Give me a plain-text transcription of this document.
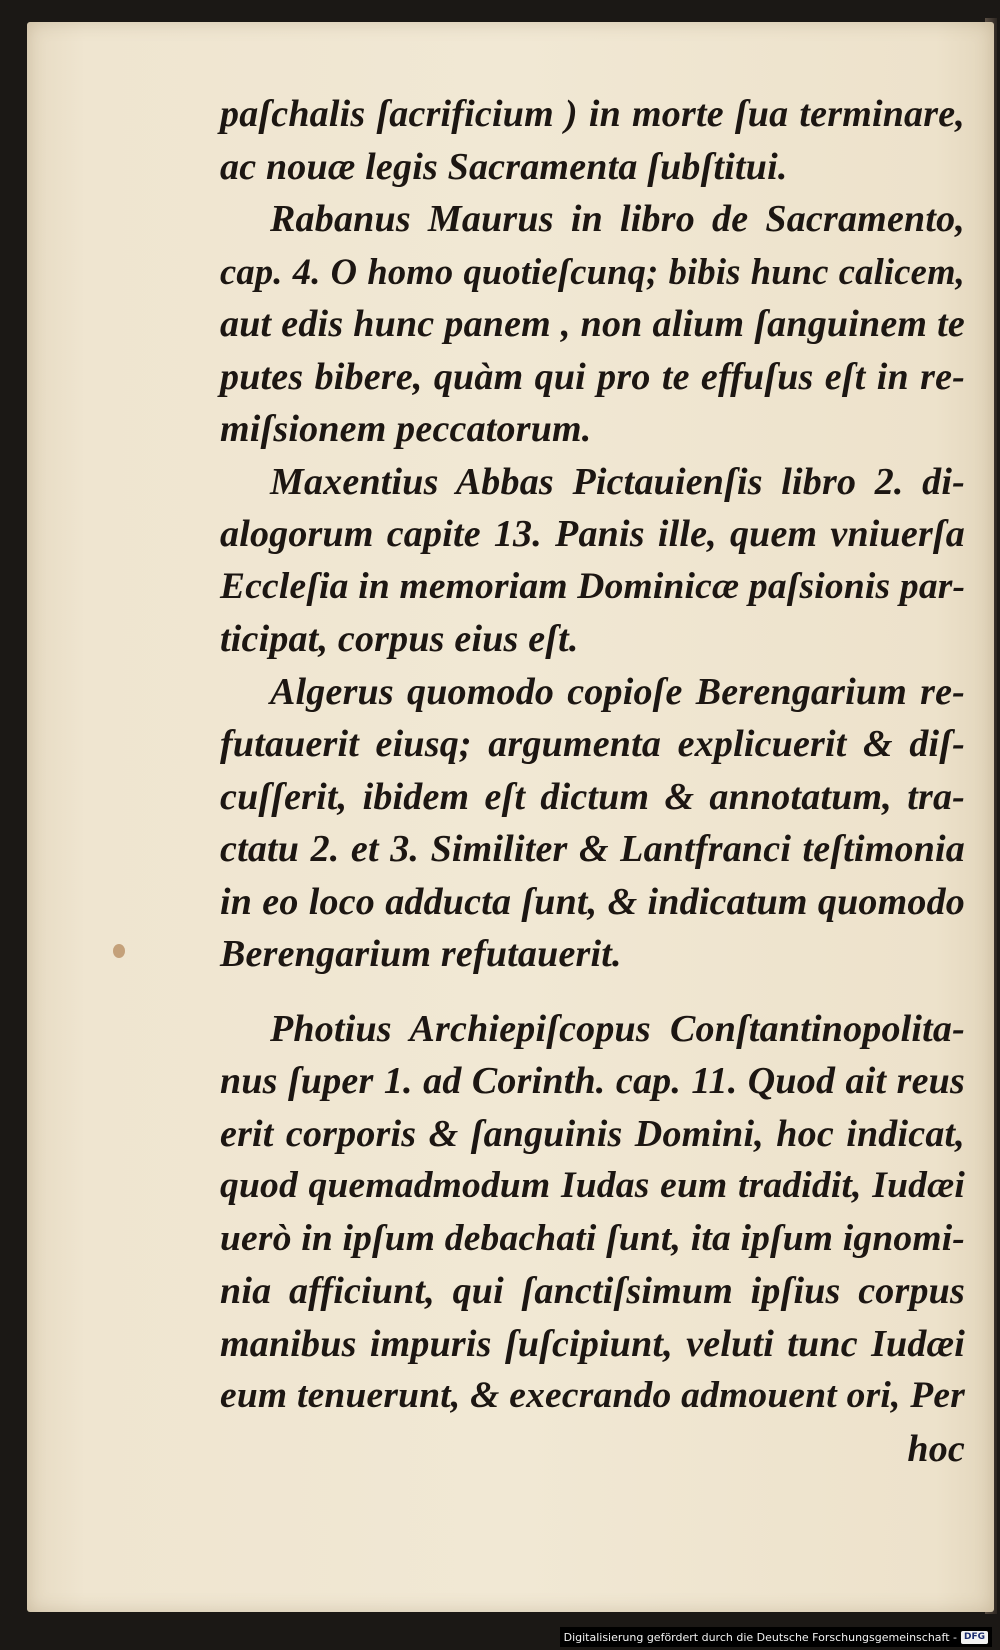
paſchalis ſacrificium ) in morte ſua terminare,
ac nouæ legis Sacramenta ſubſtitui.
Rabanus Maurus in libro de Sacramento,
cap. 4. O homo quotieſcunq; bibis hunc calicem,
aut edis hunc panem , non alium ſanguinem te
putes bibere, quàm qui pro te effuſus eſt in re-
miſsionem peccatorum.
Maxentius Abbas Pictauienſis libro 2. di-
alogorum capite 13. Panis ille, quem vniuerſa
Eccleſia in memoriam Dominicæ paſsionis par-
ticipat, corpus eius eſt.
Algerus quomodo copioſe Berengarium re-
futauerit eiusq; argumenta explicuerit & diſ-
cuſſerit, ibidem eſt dictum & annotatum, tra-
ctatu 2. et 3. Similiter & Lantfranci teſtimonia
in eo loco adducta ſunt, & indicatum quomodo
Berengarium refutauerit.
Photius Archiepiſcopus Conſtantinopolita-
nus ſuper 1. ad Corinth. cap. 11. Quod ait reus
erit corporis & ſanguinis Domini, hoc indicat,
quod quemadmodum Iudas eum tradidit, Iudæi
uerò in ipſum debachati ſunt, ita ipſum ignomi-
nia afficiunt, qui ſanctiſsimum ipſius corpus
manibus impuris ſuſcipiunt, veluti tunc Iudæi
eum tenuerunt, & execrando admouent ori, Per
hoc
Digitalisierung gefördert durch die Deutsche Forschungsgemeinschaft - DFG
